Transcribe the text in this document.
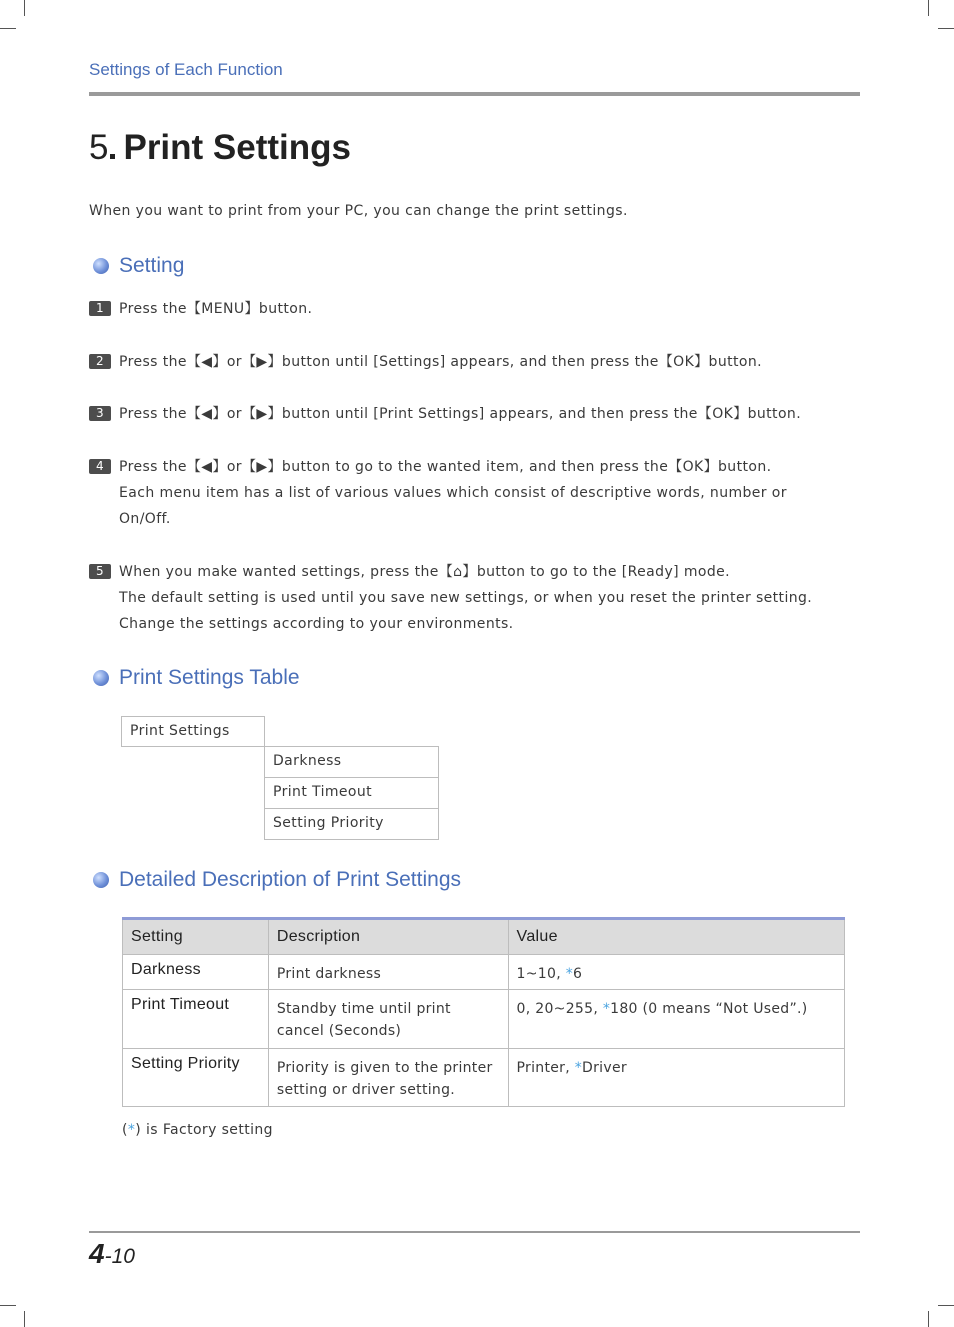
Settings of Each Function
5 Print Settings
When you want to print from your PC, you can change the print settings.
Setting
1	Press the【MENU】button.
2	Press the【◀】or【▶】button until [Settings] appears, and then press the【OK】button.
3	Press the【◀】or【▶】button until [Print Settings] appears, and then press the【OK】button.
4	Press the【◀】or【▶】button to go to the wanted item, and then press the【OK】button.
Each menu item has a list of various values which consist of descriptive words, number or
On/Off.
5	When you make wanted settings, press the【⌂】button to go to the [Ready] mode.
The default setting is used until you save new settings, or when you reset the printer setting.
Change the settings according to your environments.
Print Settings Table
Print Settings
Darkness
Print Timeout
Setting Priority
Detailed Description of Print Settings
Setting	Description	Value
Darkness	Print darkness	1~10, *6
Print Timeout	Standby time until print cancel (Seconds)	0, 20~255, *180 (0 means “Not Used”.)
Setting Priority	Priority is given to the printer setting or driver setting.	Printer, *Driver
(*) is Factory setting
4-10
